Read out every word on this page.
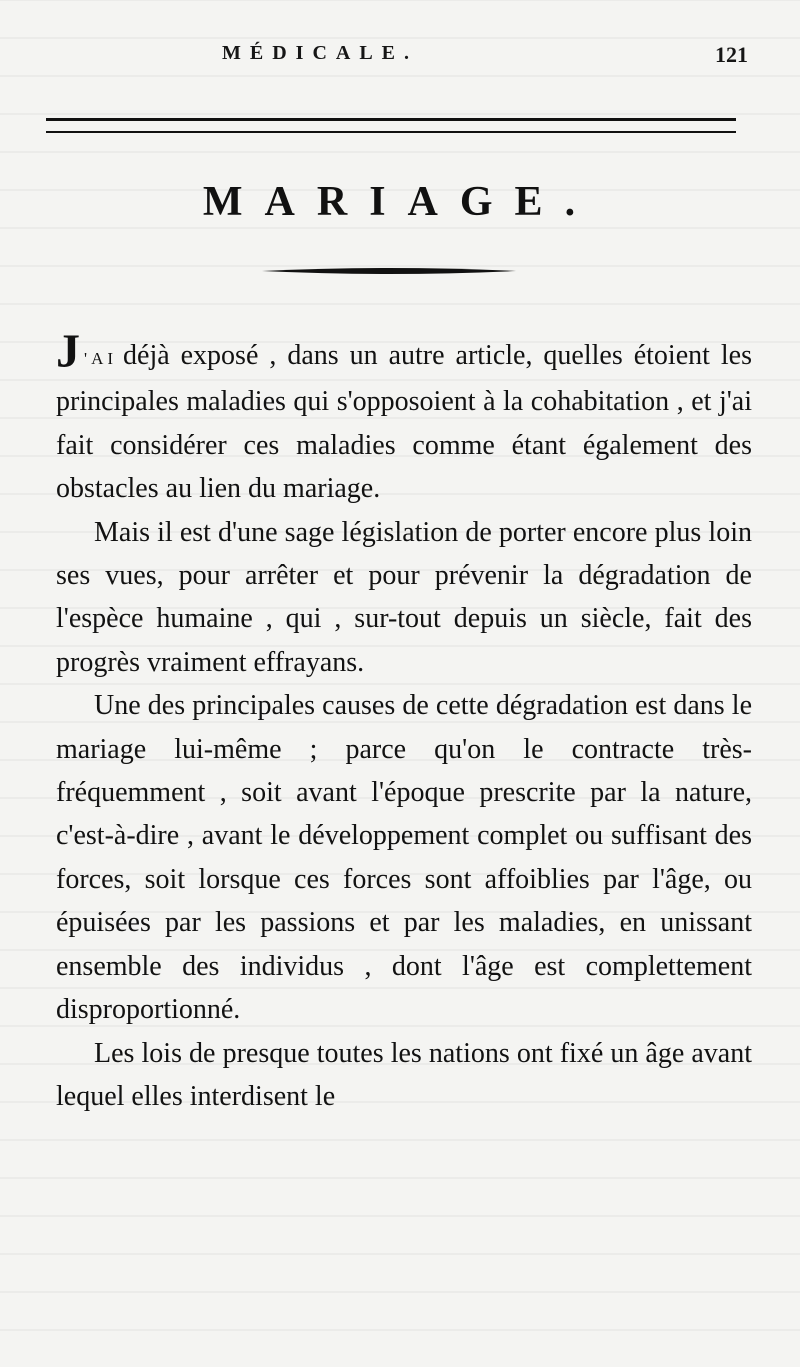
MÉDICALE.	121
MARIAGE.

J 'AI déjà exposé , dans un autre article, quelles étoient les principales maladies qui s'opposoient à la cohabitation , et j'ai fait considérer ces maladies comme étant également des obstacles au lien du mariage.

Mais il est d'une sage législation de porter encore plus loin ses vues, pour arrêter et pour prévenir la dégradation de l'espèce humaine , qui , sur-tout depuis un siècle, fait des progrès vraiment effrayans.

Une des principales causes de cette dégradation est dans le mariage lui-même ; parce qu'on le contracte très-fréquemment , soit avant l'époque prescrite par la nature, c'est-à-dire , avant le développement complet ou suffisant des forces, soit lorsque ces forces sont affoiblies par l'âge, ou épuisées par les passions et par les maladies, en unissant ensemble des individus , dont l'âge est complettement disproportionné.

Les lois de presque toutes les nations ont fixé un âge avant lequel elles interdisent le
